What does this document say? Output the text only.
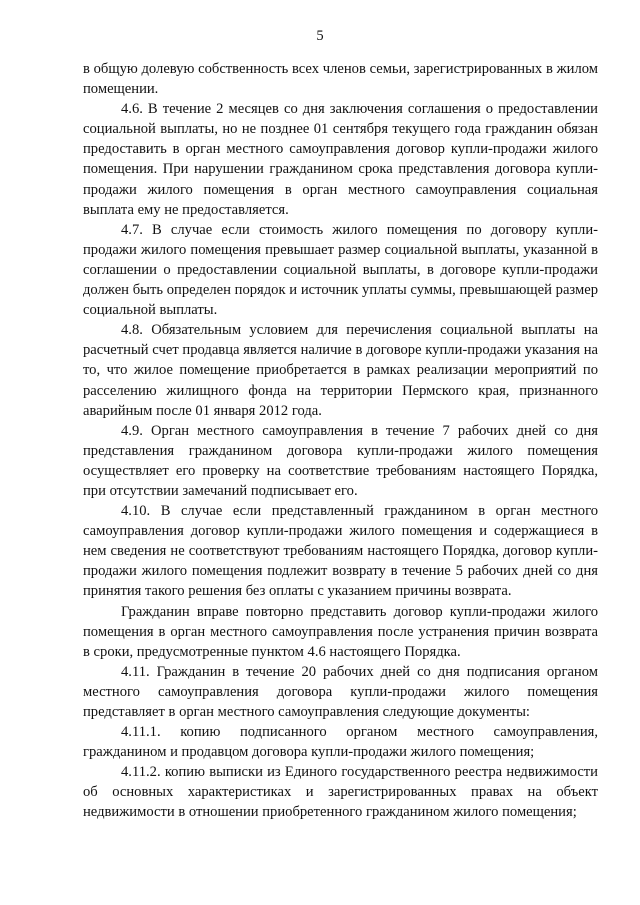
5

в общую долевую собственность всех членов семьи, зарегистрированных в жилом помещении.

4.6. В течение 2 месяцев со дня заключения соглашения о предоставлении социальной выплаты, но не позднее 01 сентября текущего года гражданин обязан предоставить в орган местного самоуправления договор купли-продажи жилого помещения. При нарушении гражданином срока представления договора купли-продажи жилого помещения в орган местного самоуправления социальная выплата ему не предоставляется.

4.7. В случае если стоимость жилого помещения по договору купли-продажи жилого помещения превышает размер социальной выплаты, указанной в соглашении о предоставлении социальной выплаты, в договоре купли-продажи должен быть определен порядок и источник уплаты суммы, превышающей размер социальной выплаты.

4.8. Обязательным условием для перечисления социальной выплаты на расчетный счет продавца является наличие в договоре купли-продажи указания на то, что жилое помещение приобретается в рамках реализации мероприятий по расселению жилищного фонда на территории Пермского края, признанного аварийным после 01 января 2012 года.

4.9. Орган местного самоуправления в течение 7 рабочих дней со дня представления гражданином договора купли-продажи жилого помещения осуществляет его проверку на соответствие требованиям настоящего Порядка, при отсутствии замечаний подписывает его.

4.10. В случае если представленный гражданином в орган местного самоуправления договор купли-продажи жилого помещения и содержащиеся в нем сведения не соответствуют требованиям настоящего Порядка, договор купли-продажи жилого помещения подлежит возврату в течение 5 рабочих дней со дня принятия такого решения без оплаты с указанием причины возврата.

Гражданин вправе повторно представить договор купли-продажи жилого помещения в орган местного самоуправления после устранения причин возврата в сроки, предусмотренные пунктом 4.6 настоящего Порядка.

4.11. Гражданин в течение 20 рабочих дней со дня подписания органом местного самоуправления договора купли-продажи жилого помещения представляет в орган местного самоуправления следующие документы:

4.11.1. копию подписанного органом местного самоуправления, гражданином и продавцом договора купли-продажи жилого помещения;

4.11.2. копию выписки из Единого государственного реестра недвижимости об основных характеристиках и зарегистрированных правах на объект недвижимости в отношении приобретенного гражданином жилого помещения;
